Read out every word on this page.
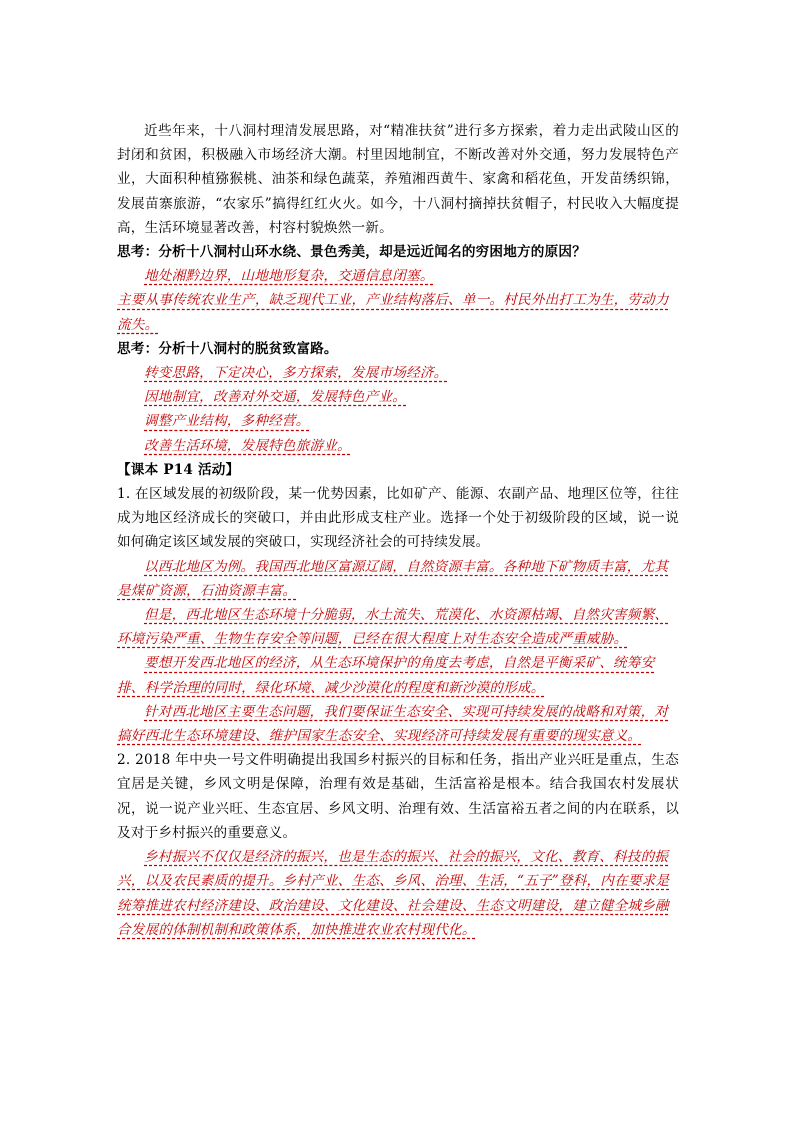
近些年来，十八洞村理清发展思路，对“精准扶贫”进行多方探索，着力走出武陵山区的封闭和贫困，积极融入市场经济大潮。村里因地制宜，不断改善对外交通，努力发展特色产业，大面积种植猕猴桃、油茶和绿色蔬菜，养殖湘西黄牛、家禽和稻花鱼，开发苗绣织锦，发展苗寨旅游，“农家乐”搞得红红火火。如今，十八洞村摘掉扶贫帽子，村民收入大幅度提高，生活环境显著改善，村容村貌焕然一新。

思考：分析十八洞村山环水绕、景色秀美，却是远近闻名的穷困地方的原因？

地处湘黔边界，山地地形复杂，交通信息闭塞。

主要从事传统农业生产，缺乏现代工业，产业结构落后、单一。村民外出打工为生，劳动力流失。

思考：分析十八洞村的脱贫致富路。

转变思路，下定决心，多方探索，发展市场经济。

因地制宜，改善对外交通，发展特色产业。

调整产业结构，多种经营。

改善生活环境，发展特色旅游业。

【课本 P14 活动】

1. 在区域发展的初级阶段，某一优势因素，比如矿产、能源、农副产品、地理区位等，往往成为地区经济成长的突破口，并由此形成支柱产业。选择一个处于初级阶段的区域，说一说如何确定该区域发展的突破口，实现经济社会的可持续发展。

以西北地区为例。我国西北地区富源辽阔，自然资源丰富。各种地下矿物质丰富，尤其是煤矿资源，石油资源丰富。

但是，西北地区生态环境十分脆弱，水土流失、荒漠化、水资源枯竭、自然灾害频繁、环境污染严重、生物生存安全等问题，已经在很大程度上对生态安全造成严重威胁。

要想开发西北地区的经济，从生态环境保护的角度去考虑，自然是平衡采矿、统筹安排、科学治理的同时，绿化环境、减少沙漠化的程度和新沙漠的形成。

针对西北地区主要生态问题，我们要保证生态安全、实现可持续发展的战略和对策，对搞好西北生态环境建设、维护国家生态安全、实现经济可持续发展有重要的现实意义。

2. 2018 年中央一号文件明确提出我国乡村振兴的目标和任务，指出产业兴旺是重点，生态宜居是关键，乡风文明是保障，治理有效是基础，生活富裕是根本。结合我国农村发展状况，说一说产业兴旺、生态宜居、乡风文明、治理有效、生活富裕五者之间的内在联系，以及对于乡村振兴的重要意义。

乡村振兴不仅仅是经济的振兴，也是生态的振兴、社会的振兴，文化、教育、科技的振兴，以及农民素质的提升。乡村产业、生态、乡风、治理、生活，“五子”登科，内在要求是统筹推进农村经济建设、政治建设、文化建设、社会建设、生态文明建设，建立健全城乡融合发展的体制机制和政策体系，加快推进农业农村现代化。
